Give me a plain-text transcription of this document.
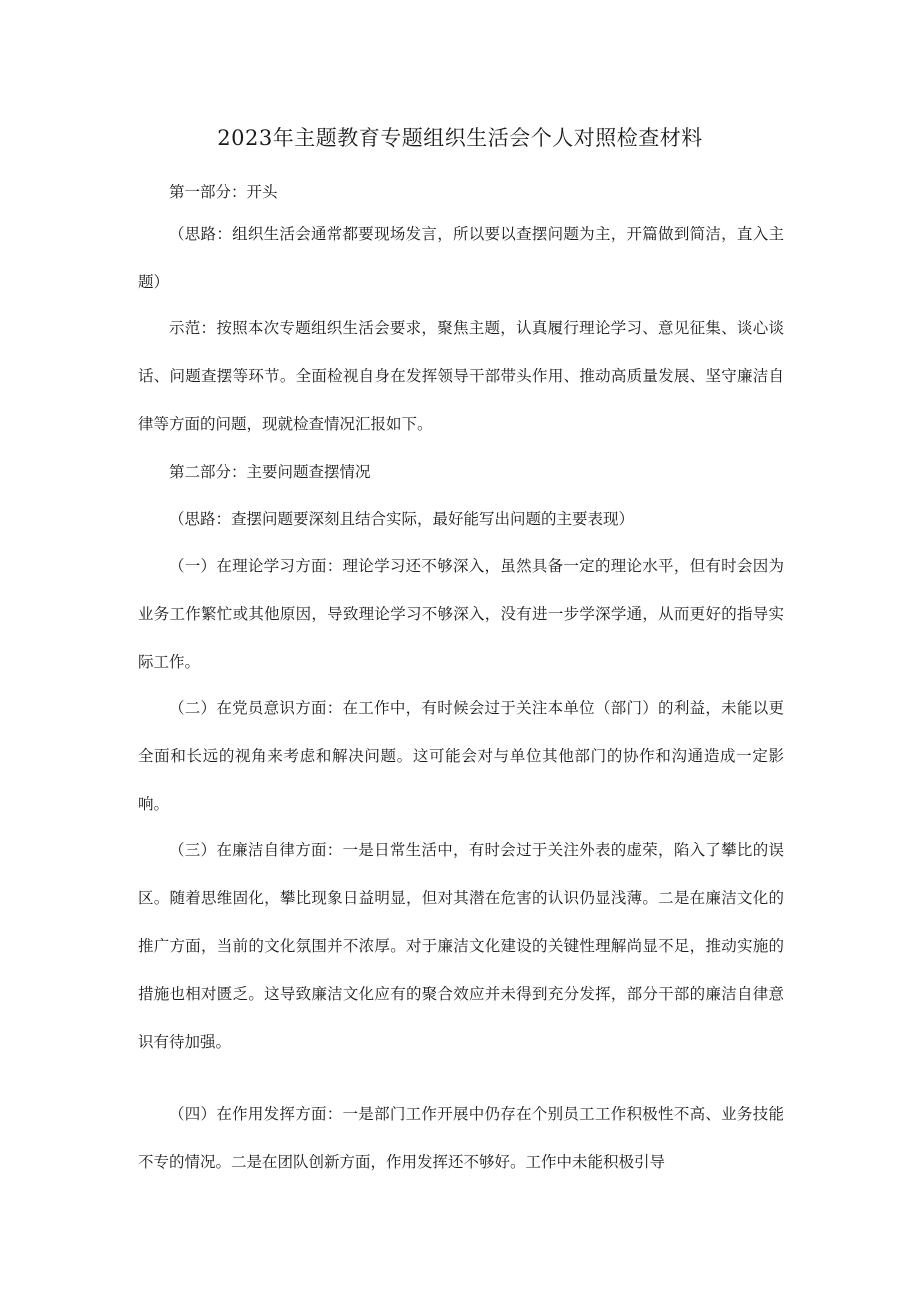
2023年主题教育专题组织生活会个人对照检查材料

第一部分：开头

（思路：组织生活会通常都要现场发言，所以要以查摆问题为主，开篇做到简洁，直入主题）

示范：按照本次专题组织生活会要求，聚焦主题，认真履行理论学习、意见征集、谈心谈话、问题查摆等环节。全面检视自身在发挥领导干部带头作用、推动高质量发展、坚守廉洁自律等方面的问题，现就检查情况汇报如下。

第二部分：主要问题查摆情况

（思路：查摆问题要深刻且结合实际，最好能写出问题的主要表现）

（一）在理论学习方面：理论学习还不够深入，虽然具备一定的理论水平，但有时会因为业务工作繁忙或其他原因，导致理论学习不够深入，没有进一步学深学通，从而更好的指导实际工作。

（二）在党员意识方面：在工作中，有时候会过于关注本单位（部门）的利益，未能以更全面和长远的视角来考虑和解决问题。这可能会对与单位其他部门的协作和沟通造成一定影响。

（三）在廉洁自律方面：一是日常生活中，有时会过于关注外表的虚荣，陷入了攀比的误区。随着思维固化，攀比现象日益明显，但对其潜在危害的认识仍显浅薄。二是在廉洁文化的推广方面，当前的文化氛围并不浓厚。对于廉洁文化建设的关键性理解尚显不足，推动实施的措施也相对匮乏。这导致廉洁文化应有的聚合效应并未得到充分发挥，部分干部的廉洁自律意识有待加强。

（四）在作用发挥方面：一是部门工作开展中仍存在个别员工工作积极性不高、业务技能不专的情况。二是在团队创新方面，作用发挥还不够好。工作中未能积极引导
